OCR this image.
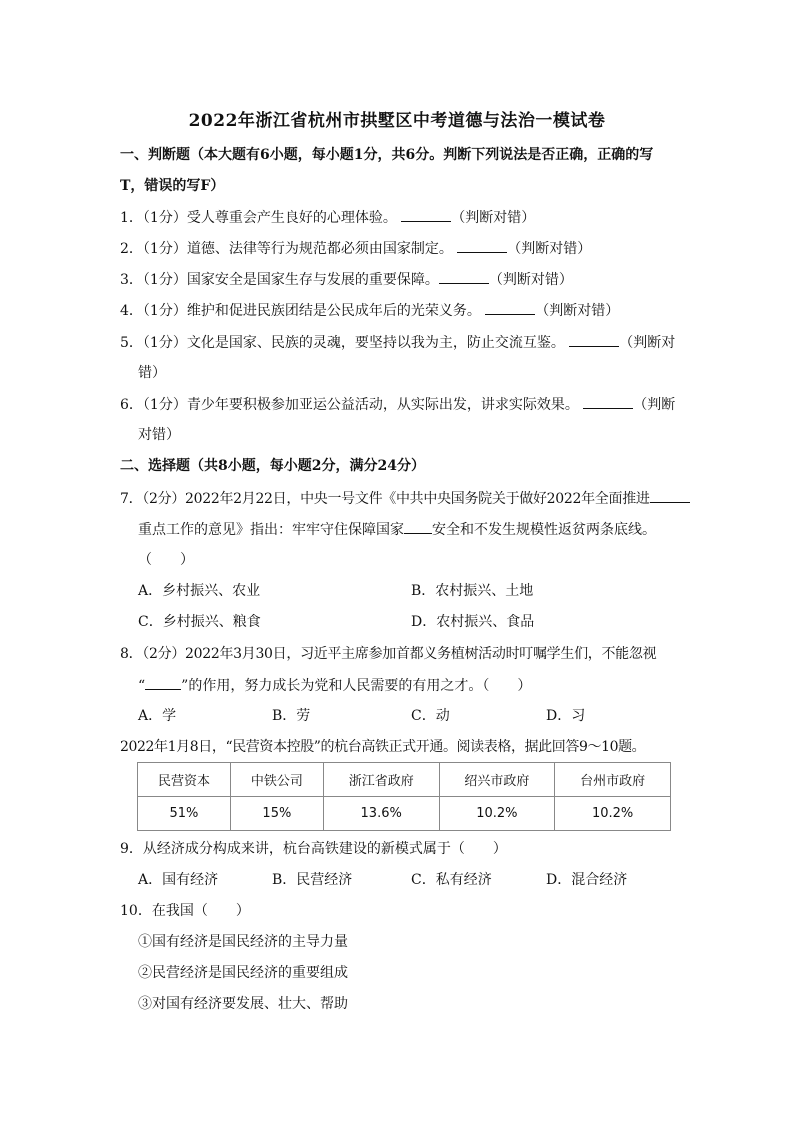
2022年浙江省杭州市拱墅区中考道德与法治一模试卷
一、判断题（本大题有6小题，每小题1分，共6分。判断下列说法是否正确，正确的写
T，错误的写F）
1．（1分）受人尊重会产生良好的心理体验。	（判断对错）
2．（1分）道德、法律等行为规范都必须由国家制定。	（判断对错）
3．（1分）国家安全是国家生存与发展的重要保障。	（判断对错）
4．（1分）维护和促进民族团结是公民成年后的光荣义务。	（判断对错）
5．（1分）文化是国家、民族的灵魂，要坚持以我为主，防止交流互鉴。	（判断对
错）
6．（1分）青少年要积极参加亚运公益活动，从实际出发，讲求实际效果。	（判断
对错）
二、选择题（共8小题，每小题2分，满分24分）
7．（2分）2022年2月22日，中央一号文件《中共中央国务院关于做好2022年全面推进
重点工作的意见》指出：牢牢守住保障国家 安全和不发生规模性返贫两条底线。
（　　）
A．乡村振兴、农业	B．农村振兴、土地
C．乡村振兴、粮食	D．农村振兴、食品
8．（2分）2022年3月30日，习近平主席参加首都义务植树活动时叮嘱学生们，不能忽视
“	”的作用，努力成长为党和人民需要的有用之才。（　　）
A．学	B．劳	C．动	D．习
2022年1月8日，“民营资本控股”的杭台高铁正式开通。阅读表格，据此回答9～10题。
民营资本	中铁公司	浙江省政府	绍兴市政府	台州市政府
51%	15%	13.6%	10.2%	10.2%
9．从经济成分构成来讲，杭台高铁建设的新模式属于（　　）
A．国有经济	B．民营经济	C．私有经济	D．混合经济
10．在我国（　　）
①国有经济是国民经济的主导力量
②民营经济是国民经济的重要组成
③对国有经济要发展、壮大、帮助
